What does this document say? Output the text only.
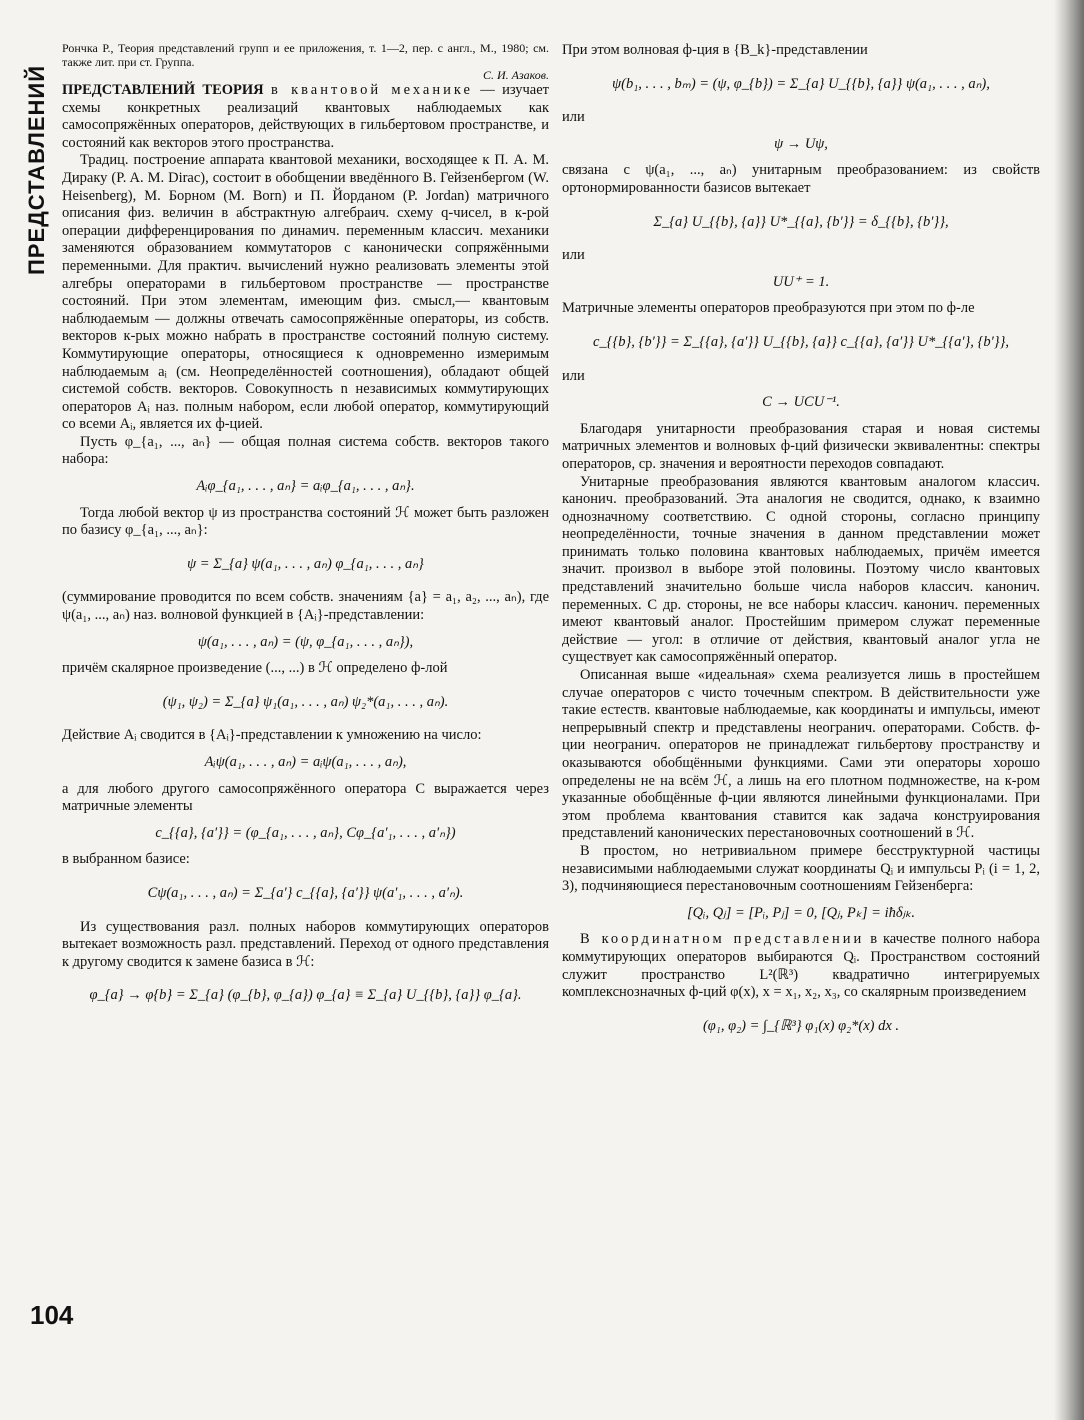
ПРЕДСТАВЛЕНИЙ

Рончка Р., Теория представлений групп и ее приложения, т. 1—2, пер. с англ., М., 1980; см. также лит. при ст. Группа.

С. И. Азаков.

ПРЕДСТАВЛЕНИЙ ТЕОРИЯ в квантовой механике — изучает схемы конкретных реализаций квантовых наблюдаемых как самосопряжённых операторов, действующих в гильбертовом пространстве, и состояний как векторов этого пространства.

Традиц. построение аппарата квантовой механики, восходящее к П. А. М. Дираку (P. A. M. Dirac), состоит в обобщении введённого В. Гейзенбергом (W. Heisenberg), М. Борном (M. Born) и П. Йорданом (P. Jordan) матричного описания физ. величин в абстрактную алгебраич. схему q-чисел, в к-рой операции дифференцирования по динамич. переменным классич. механики заменяются образованием коммутаторов с канонически сопряжёнными переменными. Для практич. вычислений нужно реализовать элементы этой алгебры операторами в гильбертовом пространстве — пространстве состояний. При этом элементам, имеющим физ. смысл,— квантовым наблюдаемым — должны отвечать самосопряжённые операторы, из собств. векторов к-рых можно набрать в пространстве состояний полную систему. Коммутирующие операторы, относящиеся к одновременно измеримым наблюдаемым aᵢ (см. Неопределённостей соотношения), обладают общей системой собств. векторов. Совокупность n независимых коммутирующих операторов Aᵢ наз. полным набором, если любой оператор, коммутирующий со всеми Aᵢ, является их ф-цией.

Пусть φ_{a₁, ..., aₙ} — общая полная система собств. векторов такого набора:

Aᵢφ_{a₁, . . . , aₙ} = aᵢφ_{a₁, . . . , aₙ}.

Тогда любой вектор ψ из пространства состояний ℋ может быть разложен по базису φ_{a₁, ..., aₙ}:

ψ = Σ_{a} ψ(a₁, . . . , aₙ) φ_{a₁, . . . , aₙ}

(суммирование проводится по всем собств. значениям {a} = a₁, a₂, ..., aₙ), где ψ(a₁, ..., aₙ) наз. волновой функцией в {Aᵢ}-представлении:

ψ(a₁, . . . , aₙ) = (ψ, φ_{a₁, . . . , aₙ}),

причём скалярное произведение (..., ...) в ℋ определено ф-лой

(ψ₁, ψ₂) = Σ_{a} ψ₁(a₁, . . . , aₙ) ψ₂*(a₁, . . . , aₙ).

Действие Aᵢ сводится в {Aᵢ}-представлении к умножению на число:

Aᵢψ(a₁, . . . , aₙ) = aᵢψ(a₁, . . . , aₙ),

а для любого другого самосопряжённого оператора C выражается через матричные элементы

c_{{a}, {a′}} = (φ_{a₁, . . . , aₙ}, Cφ_{a′₁, . . . , a′ₙ})

в выбранном базисе:

Cψ(a₁, . . . , aₙ) = Σ_{a′} c_{{a}, {a′}} ψ(a′₁, . . . , a′ₙ).

Из существования разл. полных наборов коммутирующих операторов вытекает возможность разл. представлений. Переход от одного представления к другому сводится к замене базиса в ℋ:

φ_{a} → φ{b} = Σ_{a} (φ_{b}, φ_{a}) φ_{a} ≡ Σ_{a} U_{{b}, {a}} φ_{a}.

При этом волновая ф-ция в {B_k}-представлении

ψ(b₁, . . . , bₘ) = (ψ, φ_{b}) = Σ_{a} U_{{b}, {a}} ψ(a₁, . . . , aₙ),

или

ψ → Uψ,

связана с ψ(a₁, ..., aₙ) унитарным преобразованием: из свойств ортонормированности базисов вытекает

Σ_{a} U_{{b}, {a}} U*_{{a}, {b′}} = δ_{{b}, {b′}},

или

UU⁺ = 1.

Матричные элементы операторов преобразуются при этом по ф-ле

c_{{b}, {b′}} = Σ_{{a}, {a′}} U_{{b}, {a}} c_{{a}, {a′}} U*_{{a′}, {b′}},

или

C → UCU⁻¹.

Благодаря унитарности преобразования старая и новая системы матричных элементов и волновых ф-ций физически эквивалентны: спектры операторов, ср. значения и вероятности переходов совпадают.

Унитарные преобразования являются квантовым аналогом классич. канонич. преобразований. Эта аналогия не сводится, однако, к взаимно однозначному соответствию. С одной стороны, согласно принципу неопределённости, точные значения в данном представлении может принимать только половина квантовых наблюдаемых, причём имеется значит. произвол в выборе этой половины. Поэтому число квантовых представлений значительно больше числа наборов классич. канонич. переменных. С др. стороны, не все наборы классич. канонич. переменных имеют квантовый аналог. Простейшим примером служат переменные действие — угол: в отличие от действия, квантовый аналог угла не существует как самосопряжённый оператор.

Описанная выше «идеальная» схема реализуется лишь в простейшем случае операторов с чисто точечным спектром. В действительности уже такие естеств. квантовые наблюдаемые, как координаты и импульсы, имеют непрерывный спектр и представлены неогранич. операторами. Собств. ф-ции неогранич. операторов не принадлежат гильбертову пространству и оказываются обобщёнными функциями. Сами эти операторы хорошо определены не на всём ℋ, а лишь на его плотном подмножестве, на к-ром указанные обобщённые ф-ции являются линейными функционалами. При этом проблема квантования ставится как задача конструирования представлений канонических перестановочных соотношений в ℋ.

В простом, но нетривиальном примере бесструктурной частицы независимыми наблюдаемыми служат координаты Qᵢ и импульсы Pᵢ (i = 1, 2, 3), подчиняющиеся перестановочным соотношениям Гейзенберга:

[Qᵢ, Qⱼ] = [Pᵢ, Pⱼ] = 0, [Qⱼ, Pₖ] = iħδⱼₖ.

В координатном представлении в качестве полного набора коммутирующих операторов выбираются Qᵢ. Пространством состояний служит пространство L²(ℝ³) квадратично интегрируемых комплекснозначных ф-ций φ(x), x = x₁, x₂, x₃, со скалярным произведением

(φ₁, φ₂) = ∫_{ℝ³} φ₁(x) φ₂*(x) dx .
104
